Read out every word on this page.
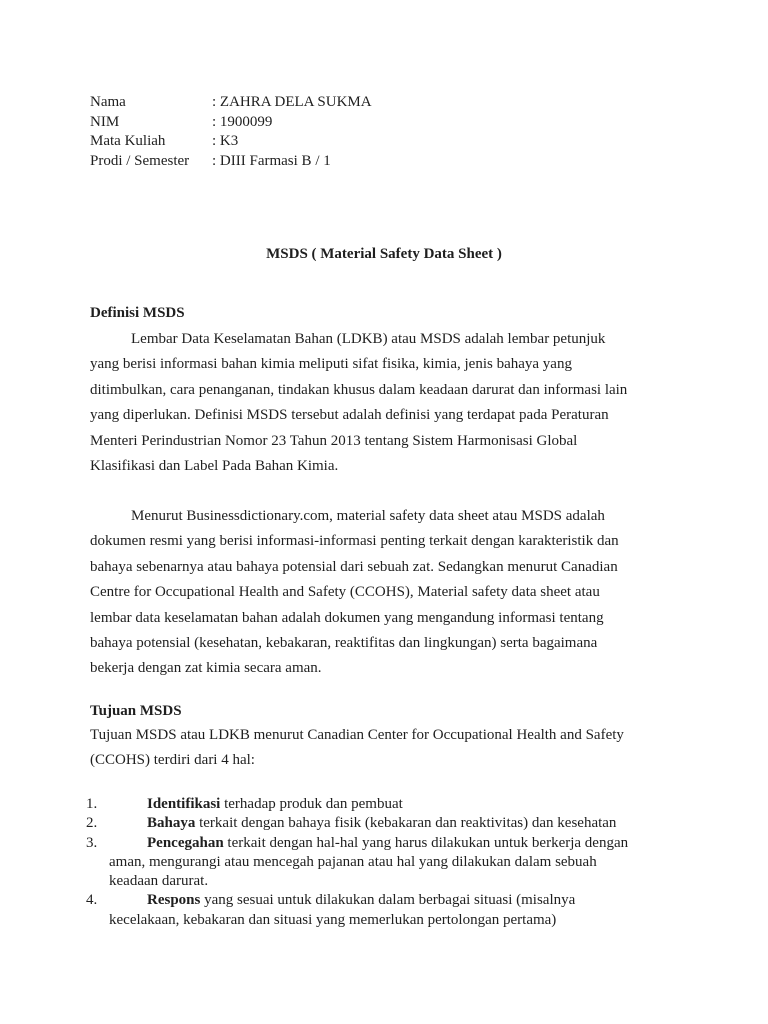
Nama	: ZAHRA DELA SUKMA
NIM	: 1900099
Mata Kuliah	: K3
Prodi / Semester	: DIII Farmasi B / 1
MSDS ( Material Safety Data Sheet )
Definisi MSDS
Lembar Data Keselamatan Bahan (LDKB) atau MSDS adalah lembar petunjuk
yang berisi informasi bahan kimia meliputi sifat fisika, kimia, jenis bahaya yang
ditimbulkan, cara penanganan, tindakan khusus dalam keadaan darurat dan informasi lain
yang diperlukan. Definisi MSDS tersebut adalah definisi yang terdapat pada Peraturan
Menteri Perindustrian Nomor 23 Tahun 2013 tentang Sistem Harmonisasi Global
Klasifikasi dan Label Pada Bahan Kimia.
Menurut Businessdictionary.com, material safety data sheet atau MSDS adalah
dokumen resmi yang berisi informasi-informasi penting terkait dengan karakteristik dan
bahaya sebenarnya atau bahaya potensial dari sebuah zat. Sedangkan menurut Canadian
Centre for Occupational Health and Safety (CCOHS), Material safety data sheet atau
lembar data keselamatan bahan adalah dokumen yang mengandung informasi tentang
bahaya potensial (kesehatan, kebakaran, reaktifitas dan lingkungan) serta bagaimana
bekerja dengan zat kimia secara aman.
Tujuan MSDS
Tujuan MSDS atau LDKB menurut Canadian Center for Occupational Health and Safety
(CCOHS) terdiri dari 4 hal:
1.	Identifikasi terhadap produk dan pembuat
2.	Bahaya terkait dengan bahaya fisik (kebakaran dan reaktivitas) dan kesehatan
3.	Pencegahan terkait dengan hal-hal yang harus dilakukan untuk berkerja dengan
aman, mengurangi atau mencegah pajanan atau hal yang dilakukan dalam sebuah
keadaan darurat.
4.	Respons yang sesuai untuk dilakukan dalam berbagai situasi (misalnya
kecelakaan, kebakaran dan situasi yang memerlukan pertolongan pertama)
